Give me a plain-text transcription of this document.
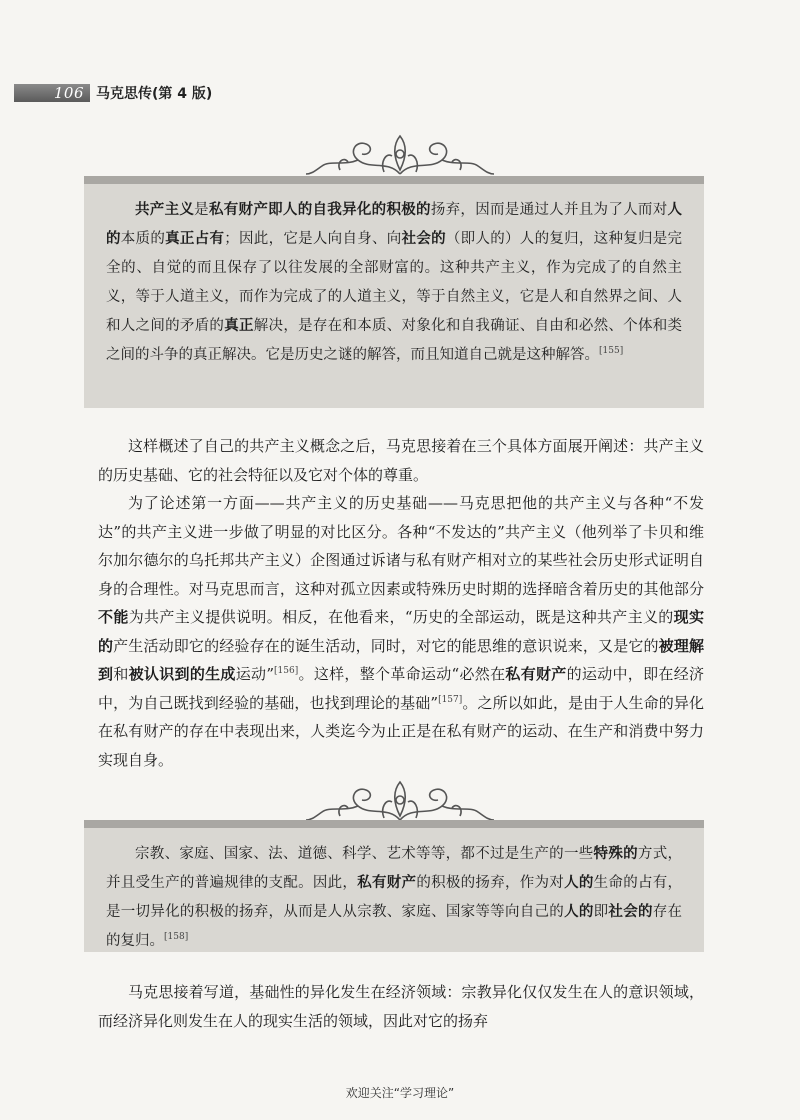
106 马克思传(第 4 版)

共产主义是私有财产即人的自我异化的积极的扬弃，因而是通过人并且为了人而对人的本质的真正占有；因此，它是人向自身、向社会的（即人的）人的复归，这种复归是完全的、自觉的而且保存了以往发展的全部财富的。这种共产主义，作为完成了的自然主义，等于人道主义，而作为完成了的人道主义，等于自然主义，它是人和自然界之间、人和人之间的矛盾的真正解决，是存在和本质、对象化和自我确证、自由和必然、个体和类之间的斗争的真正解决。它是历史之谜的解答，而且知道自己就是这种解答。[155]

这样概述了自己的共产主义概念之后，马克思接着在三个具体方面展开阐述：共产主义的历史基础、它的社会特征以及它对个体的尊重。

为了论述第一方面——共产主义的历史基础——马克思把他的共产主义与各种“不发达”的共产主义进一步做了明显的对比区分。各种“不发达的”共产主义（他列举了卡贝和维尔加尔德尔的乌托邦共产主义）企图通过诉诸与私有财产相对立的某些社会历史形式证明自身的合理性。对马克思而言，这种对孤立因素或特殊历史时期的选择暗含着历史的其他部分不能为共产主义提供说明。相反，在他看来，“历史的全部运动，既是这种共产主义的现实的产生活动即它的经验存在的诞生活动，同时，对它的能思维的意识说来，又是它的被理解到和被认识到的生成运动”[156]。这样，整个革命运动“必然在私有财产的运动中，即在经济中，为自己既找到经验的基础，也找到理论的基础”[157]。之所以如此，是由于人生命的异化在私有财产的存在中表现出来，人类迄今为止正是在私有财产的运动、在生产和消费中努力实现自身。

宗教、家庭、国家、法、道德、科学、艺术等等，都不过是生产的一些特殊的方式，并且受生产的普遍规律的支配。因此，私有财产的积极的扬弃，作为对人的生命的占有，是一切异化的积极的扬弃，从而是人从宗教、家庭、国家等等向自己的人的即社会的存在的复归。[158]

马克思接着写道，基础性的异化发生在经济领域：宗教异化仅仅发生在人的意识领域，而经济异化则发生在人的现实生活的领域，因此对它的扬弃

欢迎关注“学习理论”
